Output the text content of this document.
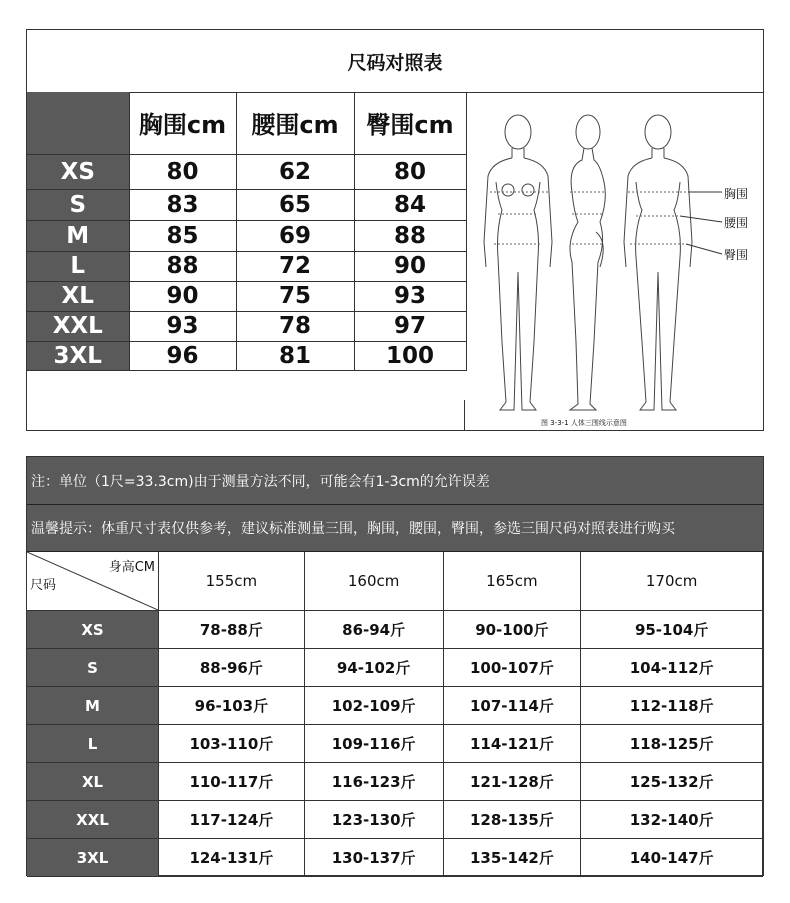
尺码对照表
	胸围cm	腰围cm	臀围cm
XS	80	62	80
S	83	65	84
M	85	69	88
L	88	72	90
XL	90	75	93
XXL	93	78	97
3XL	96	81	100
胸围
腰围
臀围
图 3-3-1 人体三围线示意图
注：单位（1尺=33.3cm)由于测量方法不同，可能会有1-3cm的允许误差
温馨提示：体重尺寸表仅供参考，建议标准测量三围，胸围，腰围，臀围，参选三围尺码对照表进行购买
身高CM
尺码	155cm	160cm	165cm	170cm
XS	78-88斤	86-94斤	90-100斤	95-104斤
S	88-96斤	94-102斤	100-107斤	104-112斤
M	96-103斤	102-109斤	107-114斤	112-118斤
L	103-110斤	109-116斤	114-121斤	118-125斤
XL	110-117斤	116-123斤	121-128斤	125-132斤
XXL	117-124斤	123-130斤	128-135斤	132-140斤
3XL	124-131斤	130-137斤	135-142斤	140-147斤
